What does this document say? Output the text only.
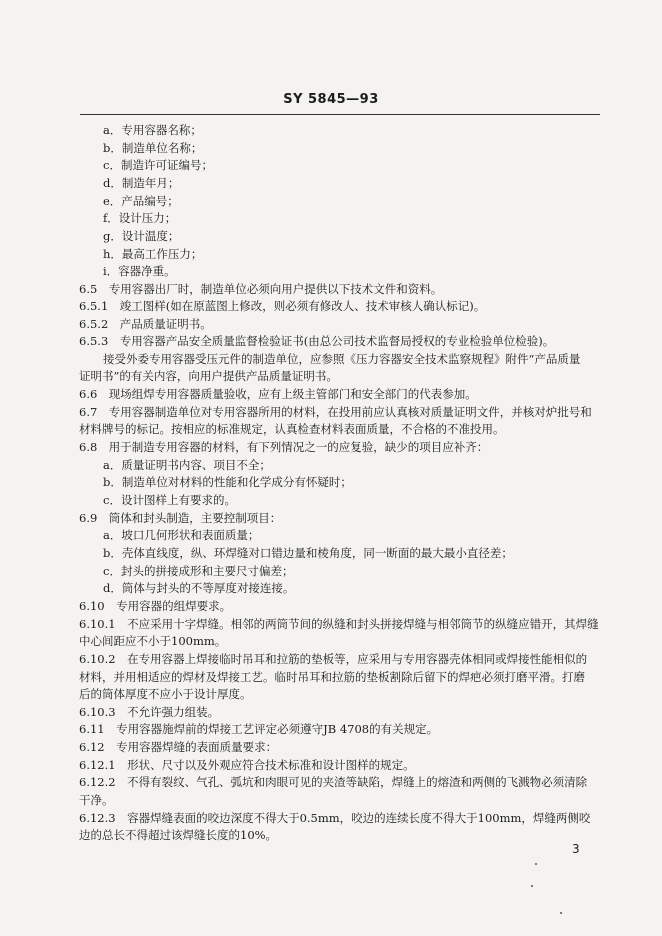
SY 5845—93
a．专用容器名称；
b．制造单位名称；
c．制造许可证编号；
d．制造年月；
e．产品编号；
f．设计压力；
g．设计温度；
h．最高工作压力；
i．容器净重。
6.5　专用容器出厂时，制造单位必须向用户提供以下技术文件和资料。
6.5.1　竣工图样(如在原蓝图上修改，则必须有修改人、技术审核人确认标记)。
6.5.2　产品质量证明书。
6.5.3　专用容器产品安全质量监督检验证书(由总公司技术监督局授权的专业检验单位检验)。
接受外委专用容器受压元件的制造单位，应参照《压力容器安全技术监察规程》附件“产品质量
证明书”的有关内容，向用户提供产品质量证明书。
6.6　现场组焊专用容器质量验收，应有上级主管部门和安全部门的代表参加。
6.7　专用容器制造单位对专用容器所用的材料，在投用前应认真核对质量证明文件，并核对炉批号和
材料牌号的标记。按相应的标准规定，认真检查材料表面质量，不合格的不准投用。
6.8　用于制造专用容器的材料，有下列情况之一的应复验，缺少的项目应补齐：
a．质量证明书内容、项目不全；
b．制造单位对材料的性能和化学成分有怀疑时；
c．设计图样上有要求的。
6.9　筒体和封头制造，主要控制项目：
a．坡口几何形状和表面质量；
b．壳体直线度，纵、环焊缝对口错边量和棱角度，同一断面的最大最小直径差；
c．封头的拼接成形和主要尺寸偏差；
d．筒体与封头的不等厚度对接连接。
6.10　专用容器的组焊要求。
6.10.1　不应采用十字焊缝。相邻的两筒节间的纵缝和封头拼接焊缝与相邻筒节的纵缝应错开，其焊缝
中心间距应不小于100mm。
6.10.2　在专用容器上焊接临时吊耳和拉筋的垫板等，应采用与专用容器壳体相同或焊接性能相似的
材料，并用相适应的焊材及焊接工艺。临时吊耳和拉筋的垫板割除后留下的焊疤必须打磨平滑。打磨
后的筒体厚度不应小于设计厚度。
6.10.3　不允许强力组装。
6.11　专用容器施焊前的焊接工艺评定必须遵守JB 4708的有关规定。
6.12　专用容器焊缝的表面质量要求：
6.12.1　形状、尺寸以及外观应符合技术标准和设计图样的规定。
6.12.2　不得有裂纹、气孔、弧坑和肉眼可见的夹渣等缺陷，焊缝上的熔渣和两侧的飞溅物必须清除
干净。
6.12.3　容器焊缝表面的咬边深度不得大于0.5mm，咬边的连续长度不得大于100mm，焊缝两侧咬
边的总长不得超过该焊缝长度的10%。
3
